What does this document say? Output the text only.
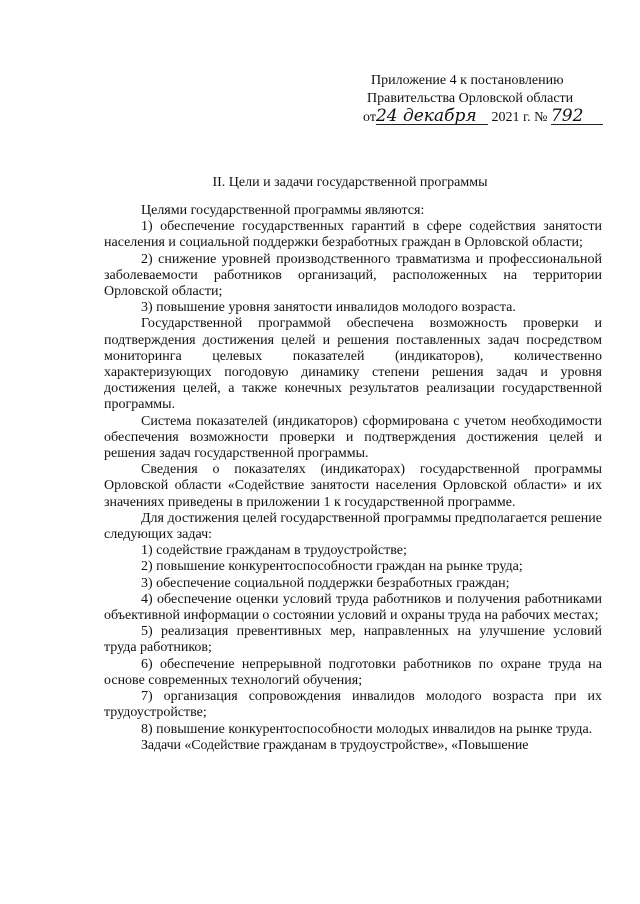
Приложение 4 к постановлению
Правительства Орловской области
от24 декабря 2021 г. № 792
II. Цели и задачи государственной программы

Целями государственной программы являются:

1) обеспечение государственных гарантий в сфере содействия занятости населения и социальной поддержки безработных граждан в Орловской области;

2) снижение уровней производственного травматизма и профессиональной заболеваемости работников организаций, расположенных на территории Орловской области;

3) повышение уровня занятости инвалидов молодого возраста.

Государственной программой обеспечена возможность проверки и подтверждения достижения целей и решения поставленных задач посредством мониторинга целевых показателей (индикаторов), количественно характеризующих погодовую динамику степени решения задач и уровня достижения целей, а также конечных результатов реализации государственной программы.

Система показателей (индикаторов) сформирована с учетом необходимости обеспечения возможности проверки и подтверждения достижения целей и решения задач государственной программы.

Сведения о показателях (индикаторах) государственной программы Орловской области «Содействие занятости населения Орловской области» и их значениях приведены в приложении 1 к государственной программе.

Для достижения целей государственной программы предполагается решение следующих задач:

1) содействие гражданам в трудоустройстве;

2) повышение конкурентоспособности граждан на рынке труда;

3) обеспечение социальной поддержки безработных граждан;

4) обеспечение оценки условий труда работников и получения работниками объективной информации о состоянии условий и охраны труда на рабочих местах;

5) реализация превентивных мер, направленных на улучшение условий труда работников;

6) обеспечение непрерывной подготовки работников по охране труда на основе современных технологий обучения;

7) организация сопровождения инвалидов молодого возраста при их трудоустройстве;

8) повышение конкурентоспособности молодых инвалидов на рынке труда.

Задачи «Содействие гражданам в трудоустройстве», «Повышение
